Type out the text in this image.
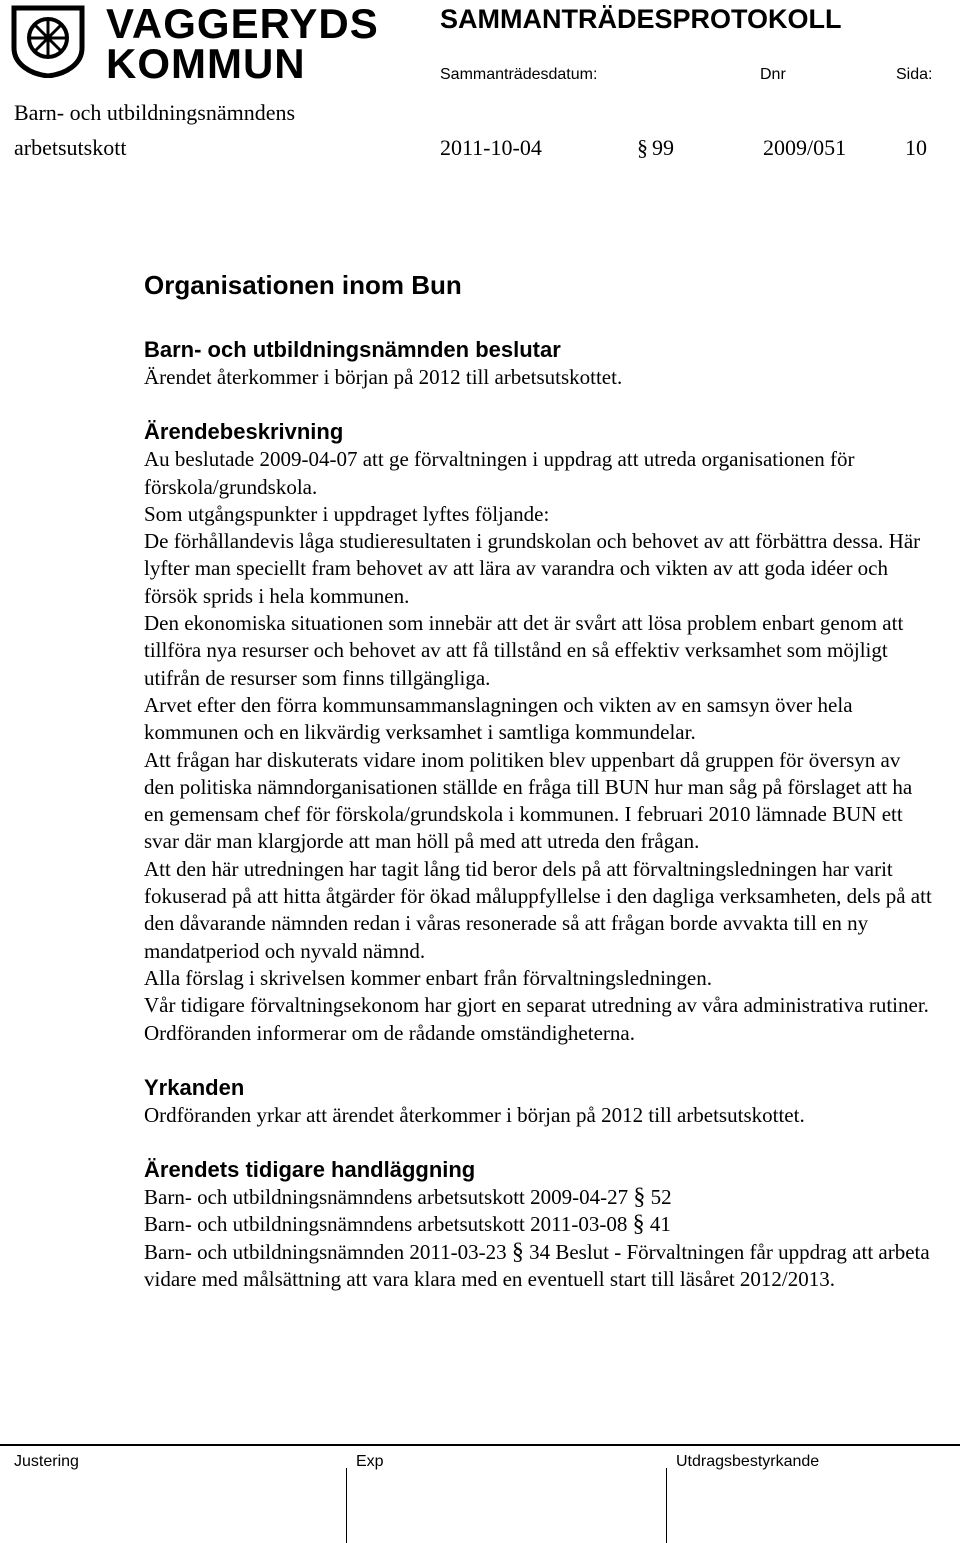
VAGGERYDS
KOMMUN
SAMMANTRÄDESPROTOKOLL
Sammanträdesdatum:	Dnr	Sida:
Barn- och utbildningsnämndens
arbetsutskott	2011-10-04	§ 99	2009/051	10
Organisationen inom Bun
Barn- och utbildningsnämnden beslutar

Ärendet återkommer i början på 2012 till arbetsutskottet.

Ärendebeskrivning

Au beslutade 2009-04-07 att ge förvaltningen i uppdrag att utreda organisationen för förskola/grundskola.

Som utgångspunkter i uppdraget lyftes följande:

De förhållandevis låga studieresultaten i grundskolan och behovet av att förbättra dessa. Här lyfter man speciellt fram behovet av att lära av varandra och vikten av att goda idéer och försök sprids i hela kommunen.

Den ekonomiska situationen som innebär att det är svårt att lösa problem enbart genom att tillföra nya resurser och behovet av att få tillstånd en så effektiv verksamhet som möjligt utifrån de resurser som finns tillgängliga.

Arvet efter den förra kommunsammanslagningen och vikten av en samsyn över hela kommunen och en likvärdig verksamhet i samtliga kommundelar.

Att frågan har diskuterats vidare inom politiken blev uppenbart då gruppen för översyn av den politiska nämndorganisationen ställde en fråga till BUN hur man såg på förslaget att ha en gemensam chef för förskola/grundskola i kommunen. I februari 2010 lämnade BUN ett svar där man klargjorde att man höll på med att utreda den frågan.

Att den här utredningen har tagit lång tid beror dels på att förvaltningsledningen har varit fokuserad på att hitta åtgärder för ökad måluppfyllelse i den dagliga verksamheten, dels på att den dåvarande nämnden redan i våras resonerade så att frågan borde avvakta till en ny mandatperiod och nyvald nämnd.

Alla förslag i skrivelsen kommer enbart från förvaltningsledningen.

Vår tidigare förvaltningsekonom har gjort en separat utredning av våra administrativa rutiner.

Ordföranden informerar om de rådande omständigheterna.

Yrkanden

Ordföranden yrkar att ärendet återkommer i början på 2012 till arbetsutskottet.

Ärendets tidigare handläggning

Barn- och utbildningsnämndens arbetsutskott 2009-04-27 § 52

Barn- och utbildningsnämndens arbetsutskott 2011-03-08 § 41

Barn- och utbildningsnämnden 2011-03-23 § 34 Beslut - Förvaltningen får uppdrag att arbeta vidare med målsättning att vara klara med en eventuell start till läsåret 2012/2013.

Justering	Exp	Utdragsbestyrkande
